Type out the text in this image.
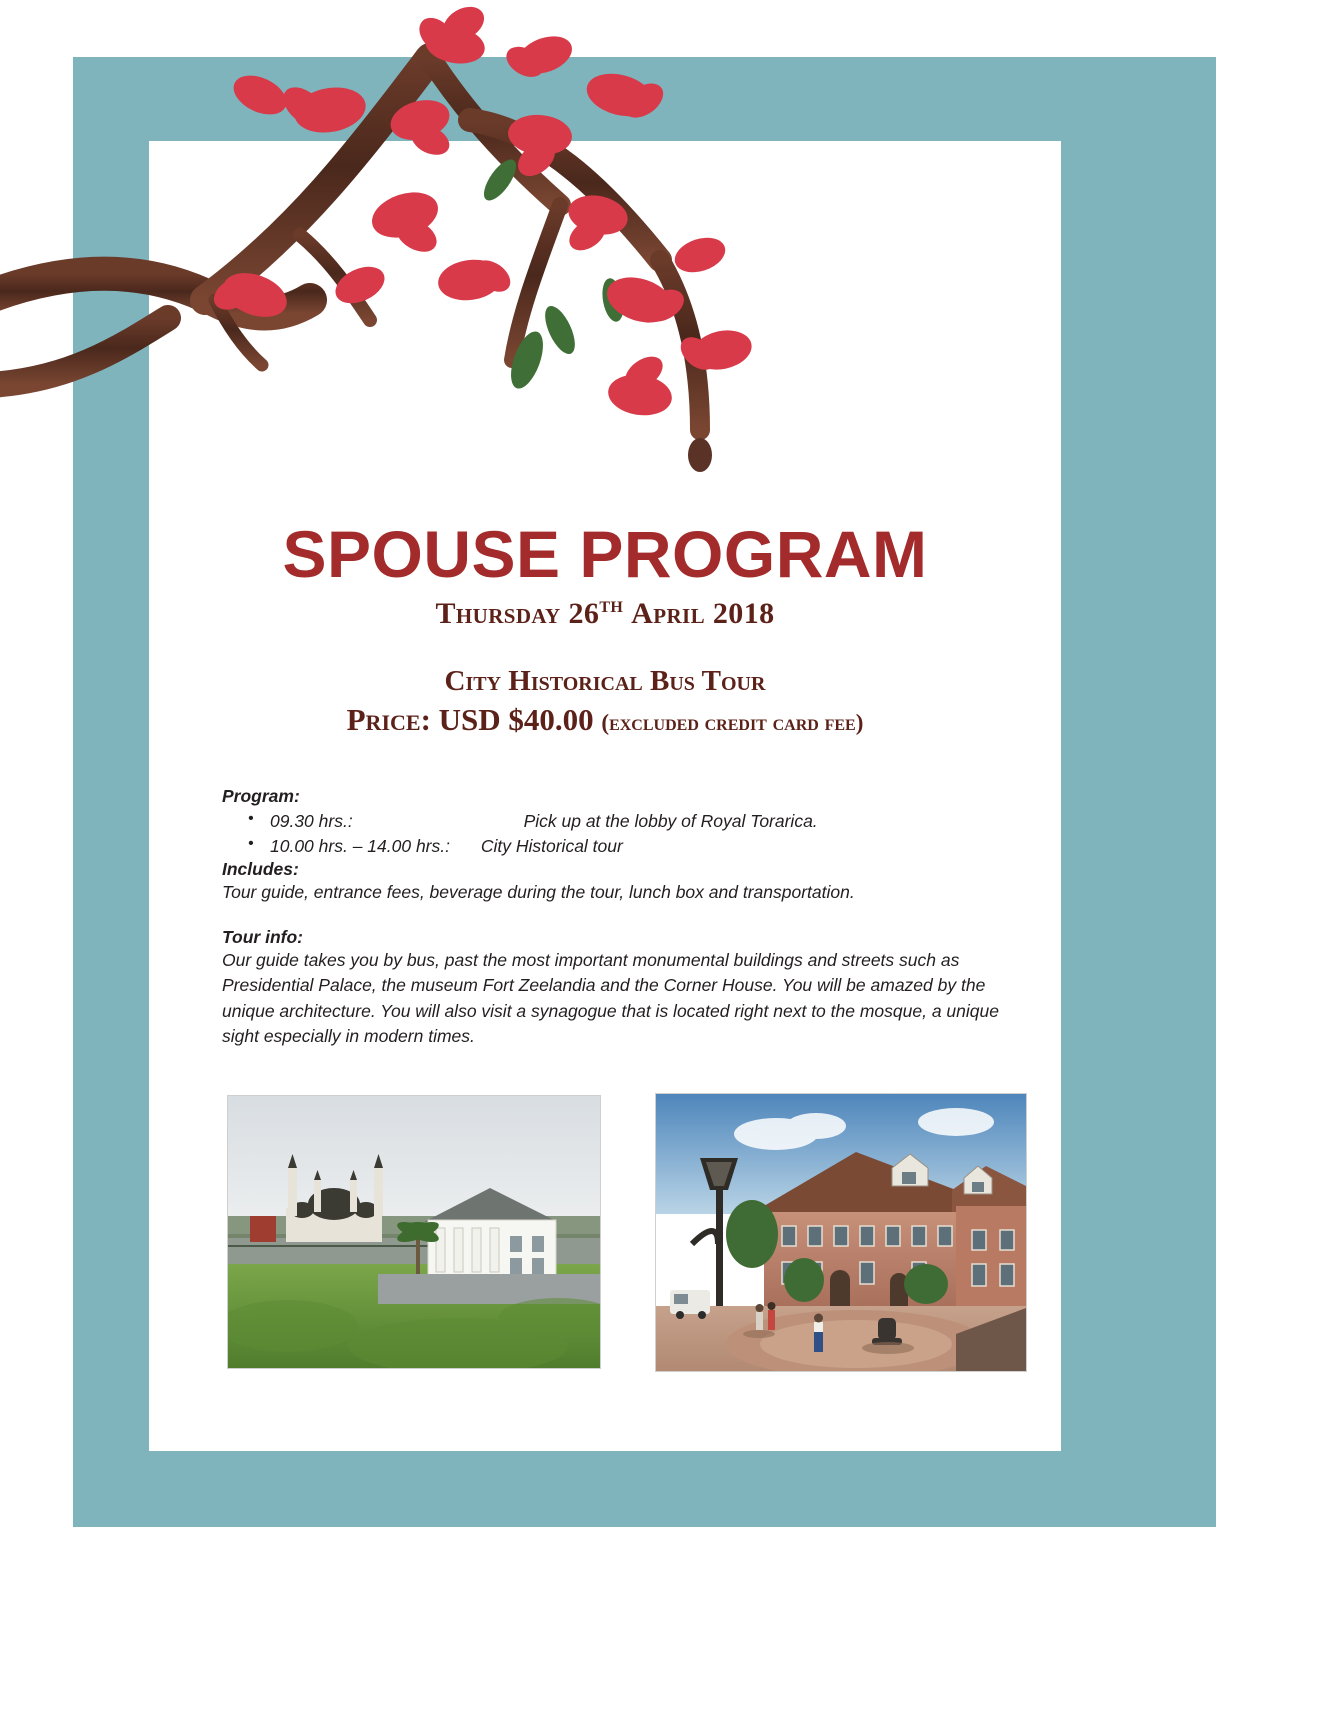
SPOUSE PROGRAM
Thursday 26TH April 2018
City Historical Bus Tour
Price: USD $40.00 (excluded credit card fee)

Program:

• 09.30 hrs.:	Pick up at the lobby of Royal Torarica.
• 10.00 hrs. – 14.00 hrs.: City Historical tour

Includes:

Tour guide, entrance fees, beverage during the tour, lunch box and transportation.

Tour info:

Our guide takes you by bus, past the most important monumental buildings and streets such as Presidential Palace, the museum Fort Zeelandia and the Corner House. You will be amazed by the unique architecture. You will also visit a synagogue that is located right next to the mosque, a unique sight especially in modern times.
